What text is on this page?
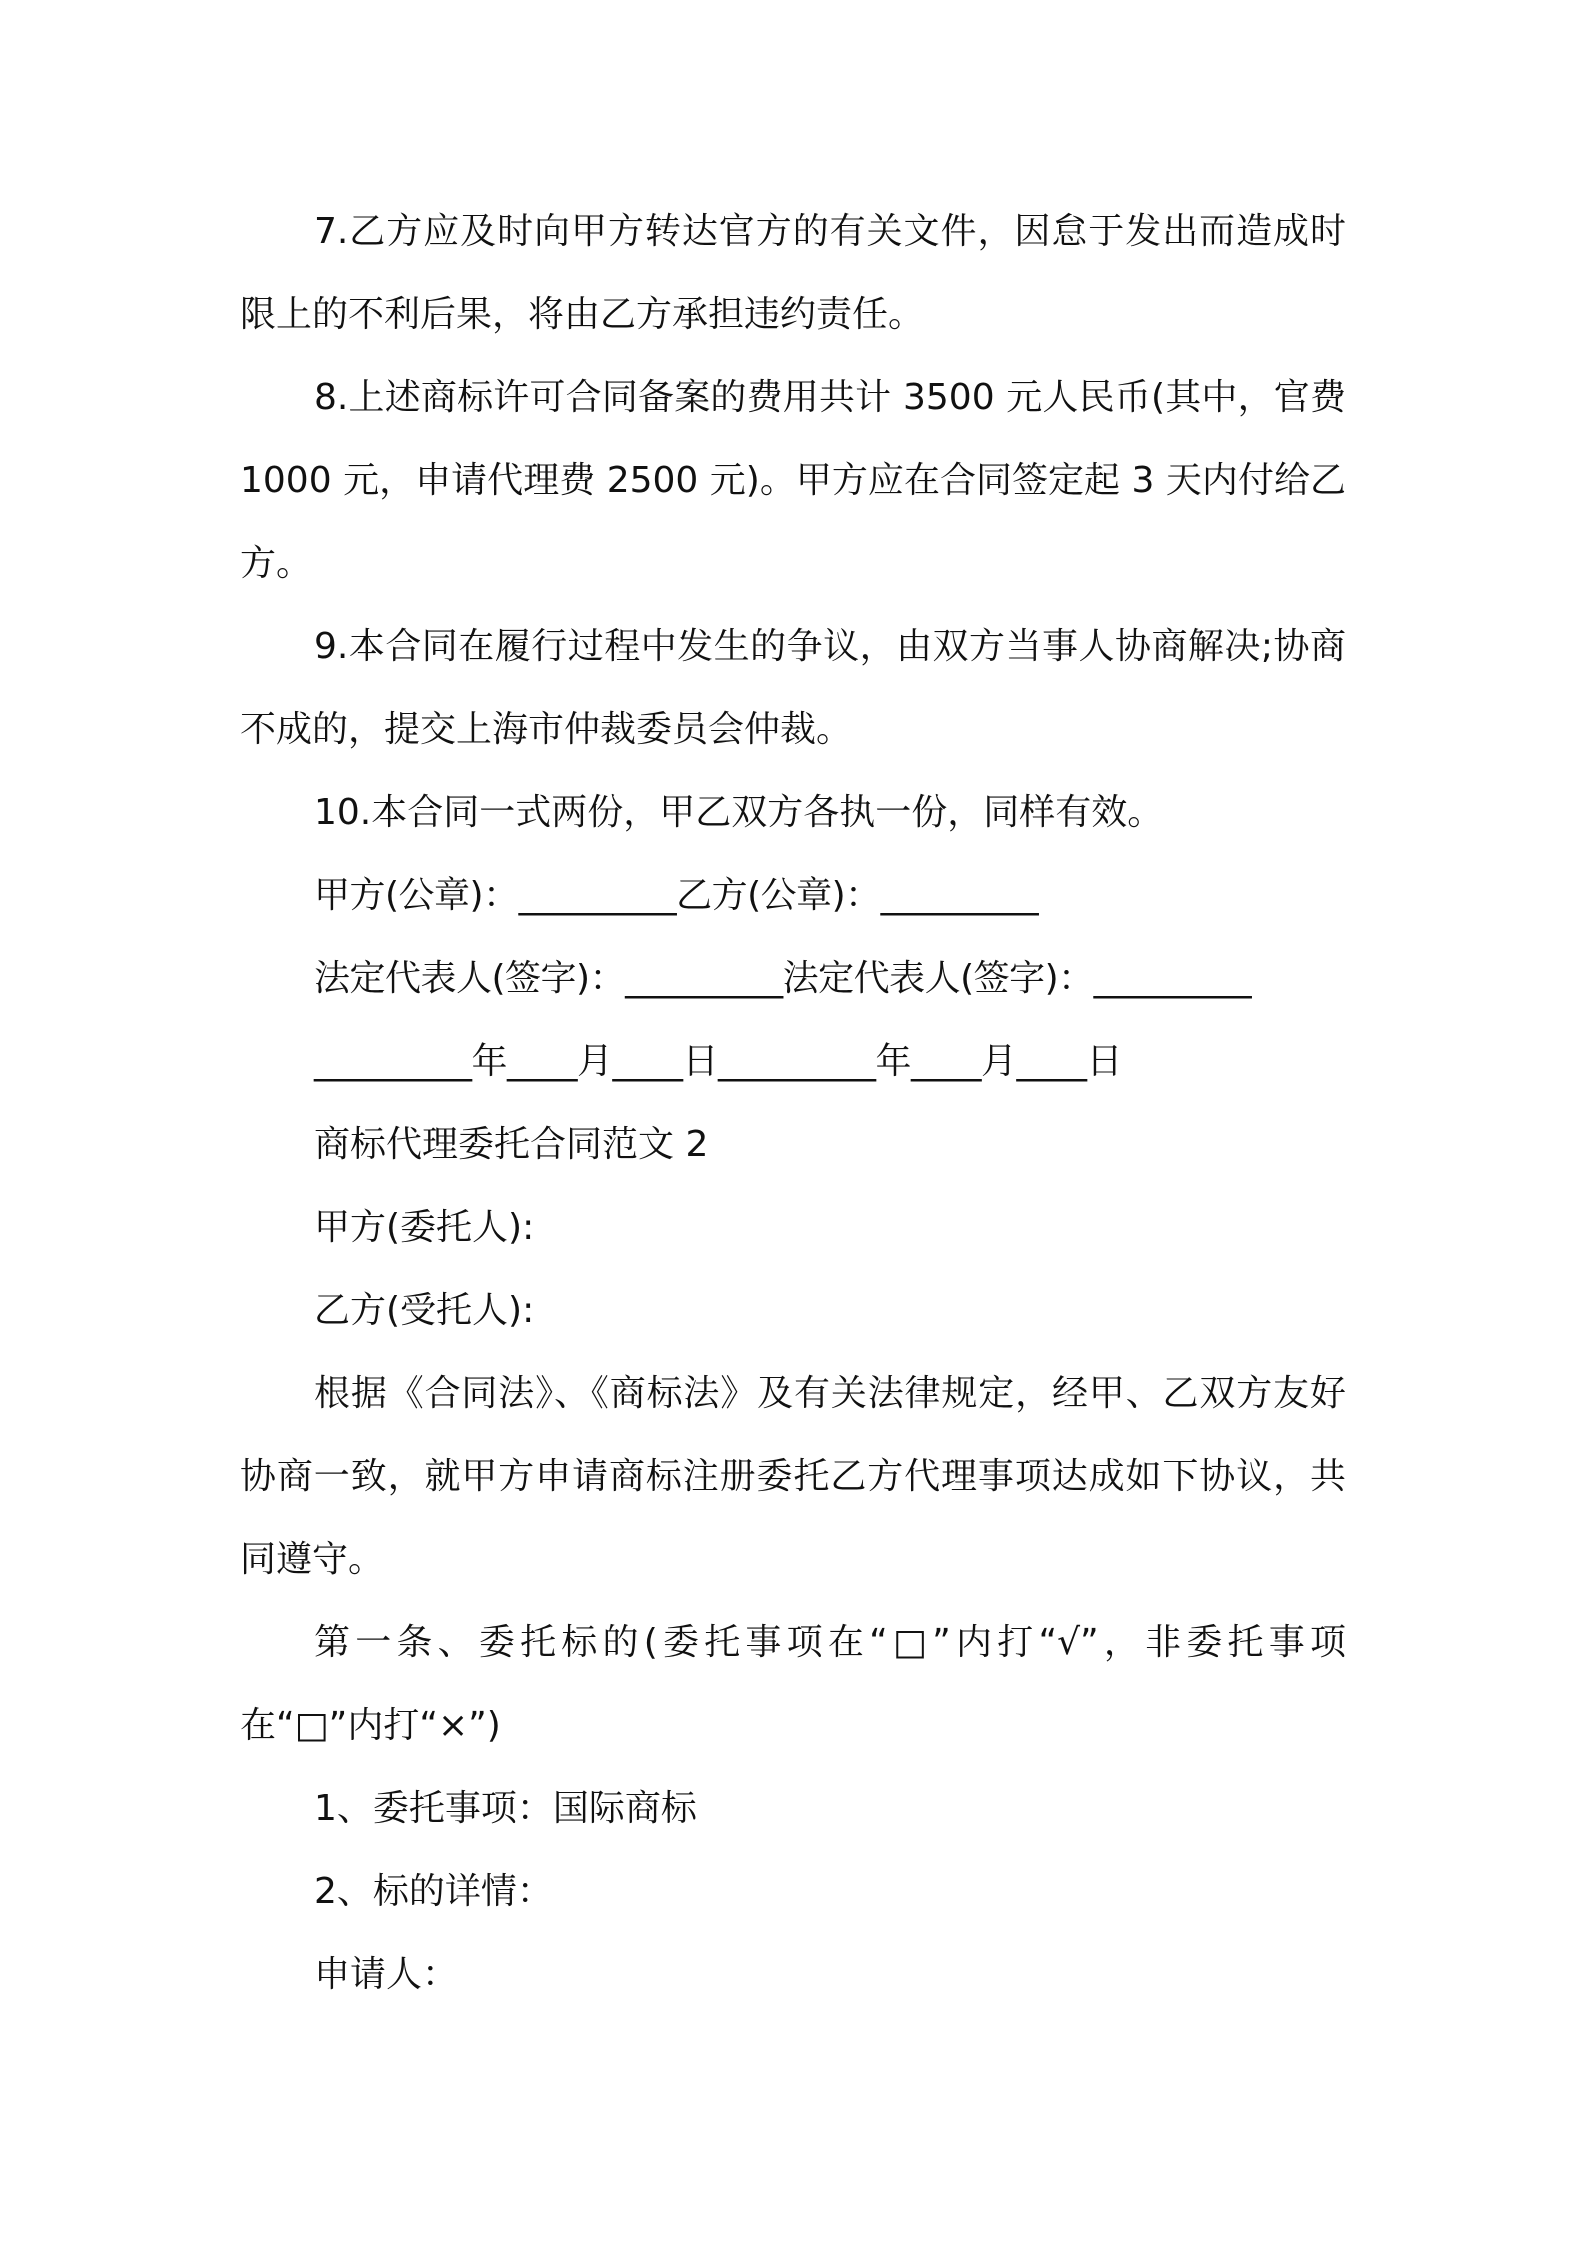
7.乙方应及时向甲方转达官方的有关文件，因怠于发出而造成时限上的不利后果，将由乙方承担违约责任。

8.上述商标许可合同备案的费用共计 3500 元人民币(其中，官费 1000 元，申请代理费 2500 元)。甲方应在合同签定起 3 天内付给乙方。

9.本合同在履行过程中发生的争议，由双方当事人协商解决;协商不成的，提交上海市仲裁委员会仲裁。

10.本合同一式两份，甲乙双方各执一份，同样有效。

甲方(公章)：_________乙方(公章)：_________

法定代表人(签字)：_________法定代表人(签字)：_________

_________年____月____日_________年____月____日

商标代理委托合同范文 2

甲方(委托人):

乙方(受托人):

根据《合同法》、《商标法》及有关法律规定，经甲、乙双方友好协商一致，就甲方申请商标注册委托乙方代理事项达成如下协议，共同遵守。

第一条、委托标的(委托事项在“□”内打“√”，非委托事项在“□”内打“×”)

1、委托事项：国际商标

2、标的详情：

申请人：
